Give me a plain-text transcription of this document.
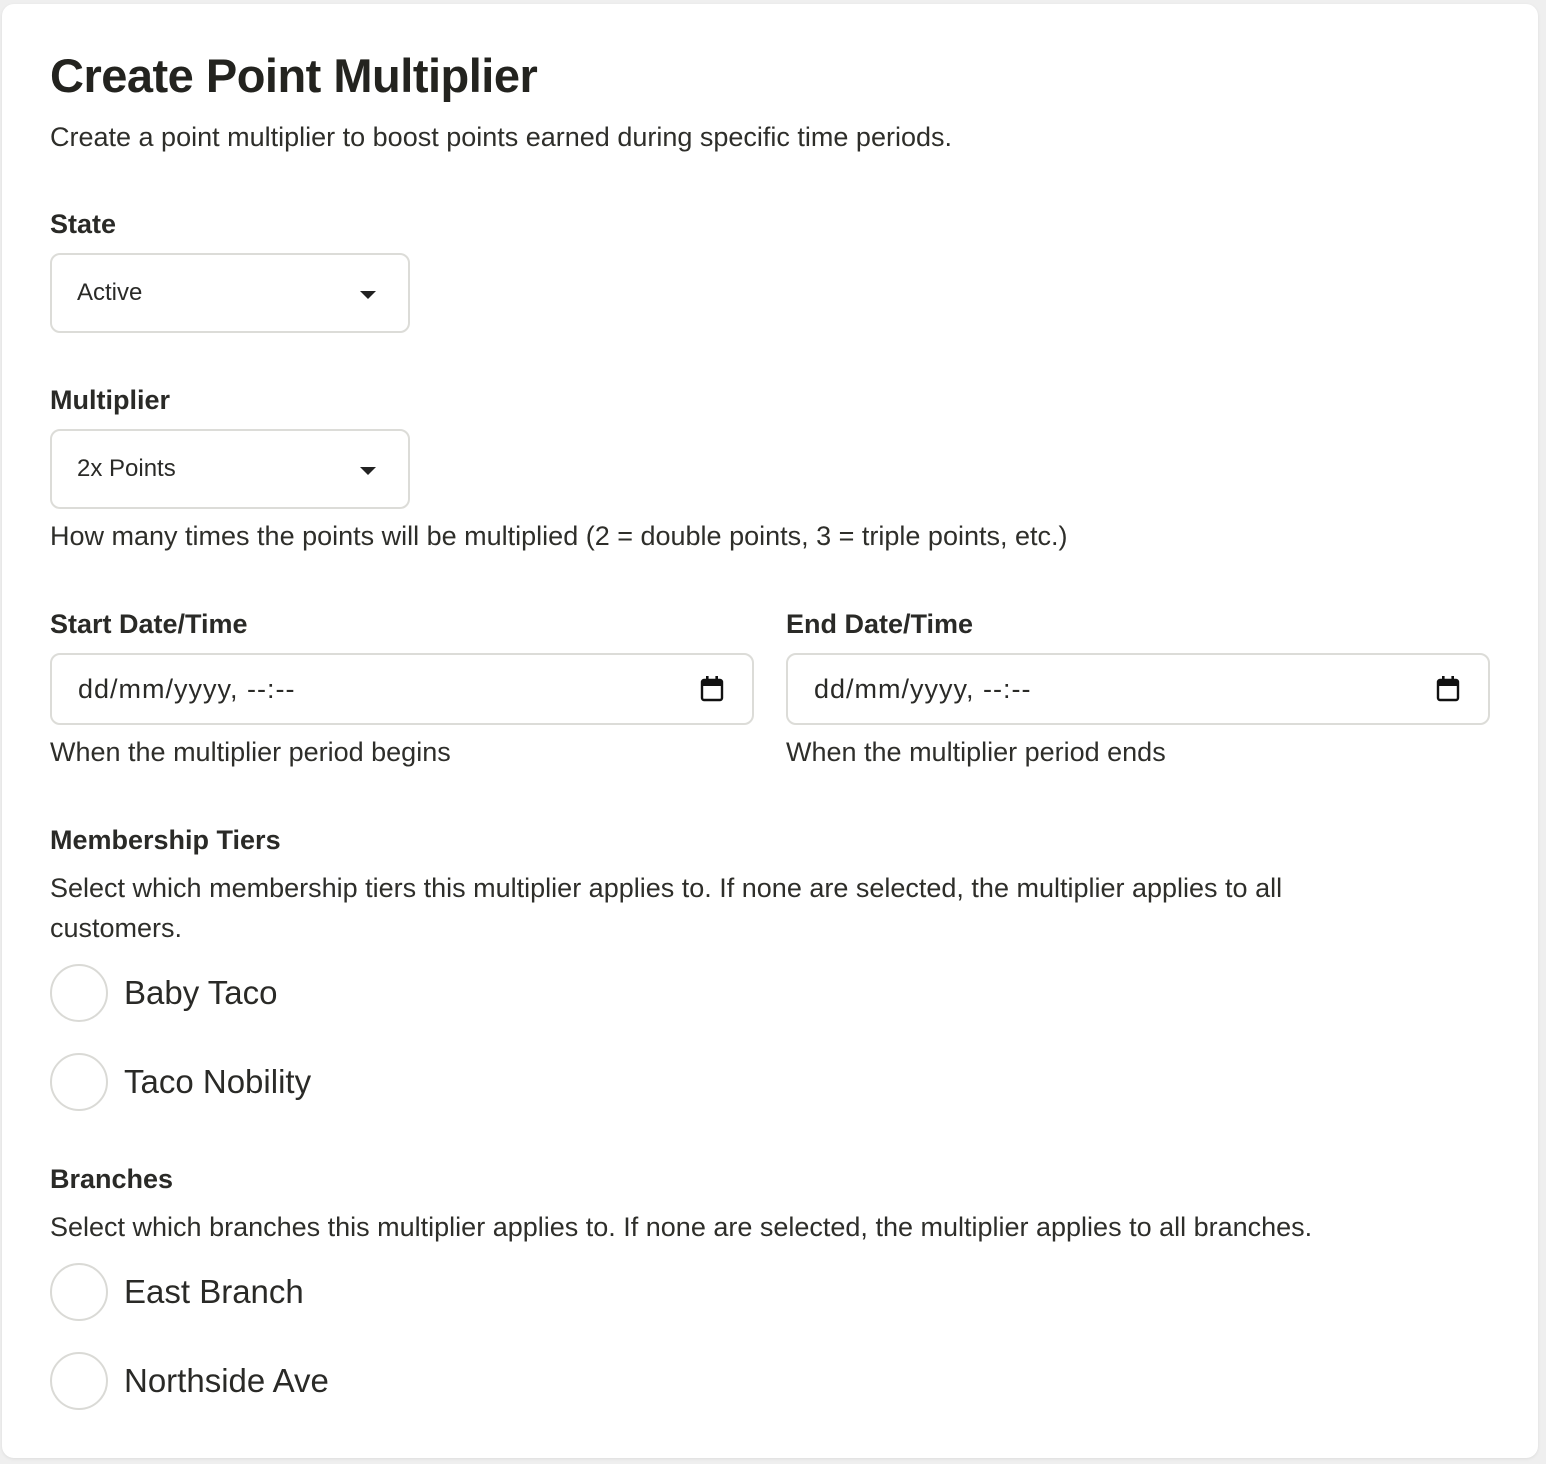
Create Point Multiplier

Create a point multiplier to boost points earned during specific time periods.

State
Active
Multiplier
2x Points
How many times the points will be multiplied (2 = double points, 3 = triple points, etc.)
Start Date/Time
dd/mm/yyyy, --:--
When the multiplier period begins
End Date/Time
dd/mm/yyyy, --:--
When the multiplier period ends
Membership Tiers
Select which membership tiers this multiplier applies to. If none are selected, the multiplier applies to all
customers.
Baby Taco
Taco Nobility
Branches
Select which branches this multiplier applies to. If none are selected, the multiplier applies to all branches.
East Branch
Northside Ave
